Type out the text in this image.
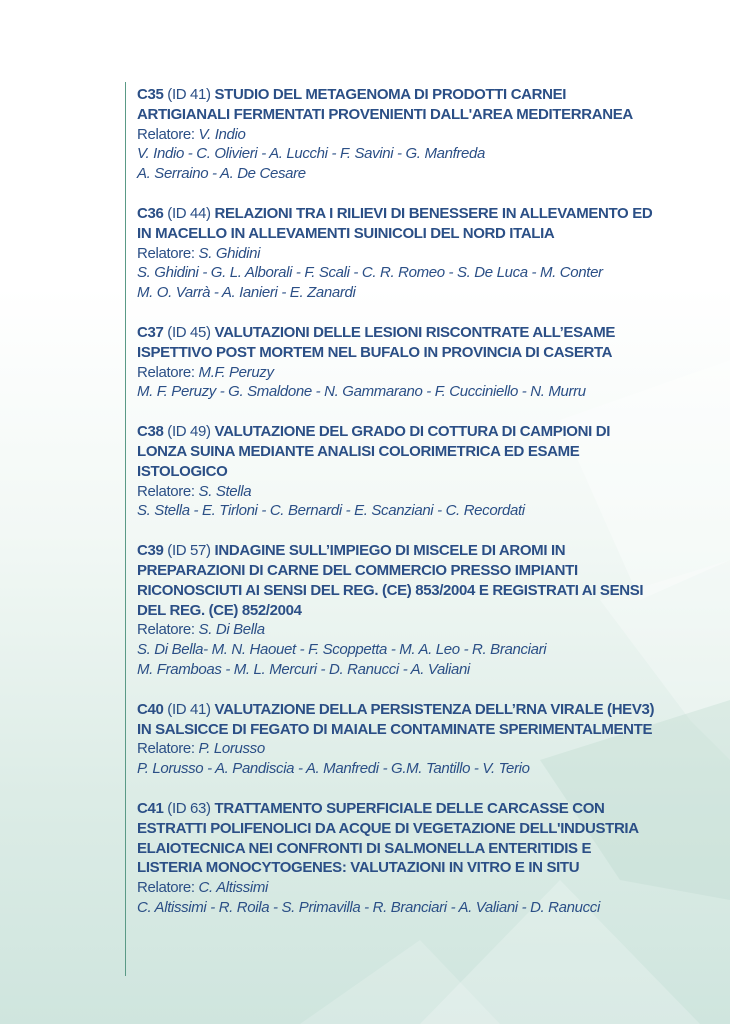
C35 (ID 41) STUDIO DEL METAGENOMA DI PRODOTTI CARNEI
ARTIGIANALI FERMENTATI PROVENIENTI DALL'AREA MEDITERRANEA
Relatore: V. Indio
V. Indio - C. Olivieri - A. Lucchi - F. Savini - G. Manfreda
A. Serraino - A. De Cesare
C36 (ID 44) RELAZIONI TRA I RILIEVI DI BENESSERE IN ALLEVAMENTO ED
IN MACELLO IN ALLEVAMENTI SUINICOLI DEL NORD ITALIA
Relatore: S. Ghidini
S. Ghidini - G. L. Alborali - F. Scali - C. R. Romeo - S. De Luca - M. Conter
M. O. Varrà - A. Ianieri - E. Zanardi
C37 (ID 45) VALUTAZIONI DELLE LESIONI RISCONTRATE ALL’ESAME
ISPETTIVO POST MORTEM NEL BUFALO IN PROVINCIA DI CASERTA
Relatore: M.F. Peruzy
M. F. Peruzy - G. Smaldone - N. Gammarano - F. Cucciniello - N. Murru
C38 (ID 49) VALUTAZIONE DEL GRADO DI COTTURA DI CAMPIONI DI
LONZA SUINA MEDIANTE ANALISI COLORIMETRICA ED ESAME
ISTOLOGICO
Relatore: S. Stella
S. Stella - E. Tirloni - C. Bernardi - E. Scanziani - C. Recordati
C39 (ID 57) INDAGINE SULL’IMPIEGO DI MISCELE DI AROMI IN
PREPARAZIONI DI CARNE DEL COMMERCIO PRESSO IMPIANTI
RICONOSCIUTI AI SENSI DEL REG. (CE) 853/2004 E REGISTRATI AI SENSI
DEL REG. (CE) 852/2004
Relatore: S. Di Bella
S. Di Bella- M. N. Haouet - F. Scoppetta - M. A. Leo - R. Branciari
M. Framboas - M. L. Mercuri - D. Ranucci - A. Valiani
C40 (ID 41) VALUTAZIONE DELLA PERSISTENZA DELL’RNA VIRALE (HEV3)
IN SALSICCE DI FEGATO DI MAIALE CONTAMINATE SPERIMENTALMENTE
Relatore: P. Lorusso
P. Lorusso - A. Pandiscia - A. Manfredi - G.M. Tantillo - V. Terio
C41 (ID 63) TRATTAMENTO SUPERFICIALE DELLE CARCASSE CON
ESTRATTI POLIFENOLICI DA ACQUE DI VEGETAZIONE DELL'INDUSTRIA
ELAIOTECNICA NEI CONFRONTI DI SALMONELLA ENTERITIDIS E
LISTERIA MONOCYTOGENES: VALUTAZIONI IN VITRO E IN SITU
Relatore: C. Altissimi
C. Altissimi - R. Roila - S. Primavilla - R. Branciari - A. Valiani - D. Ranucci
